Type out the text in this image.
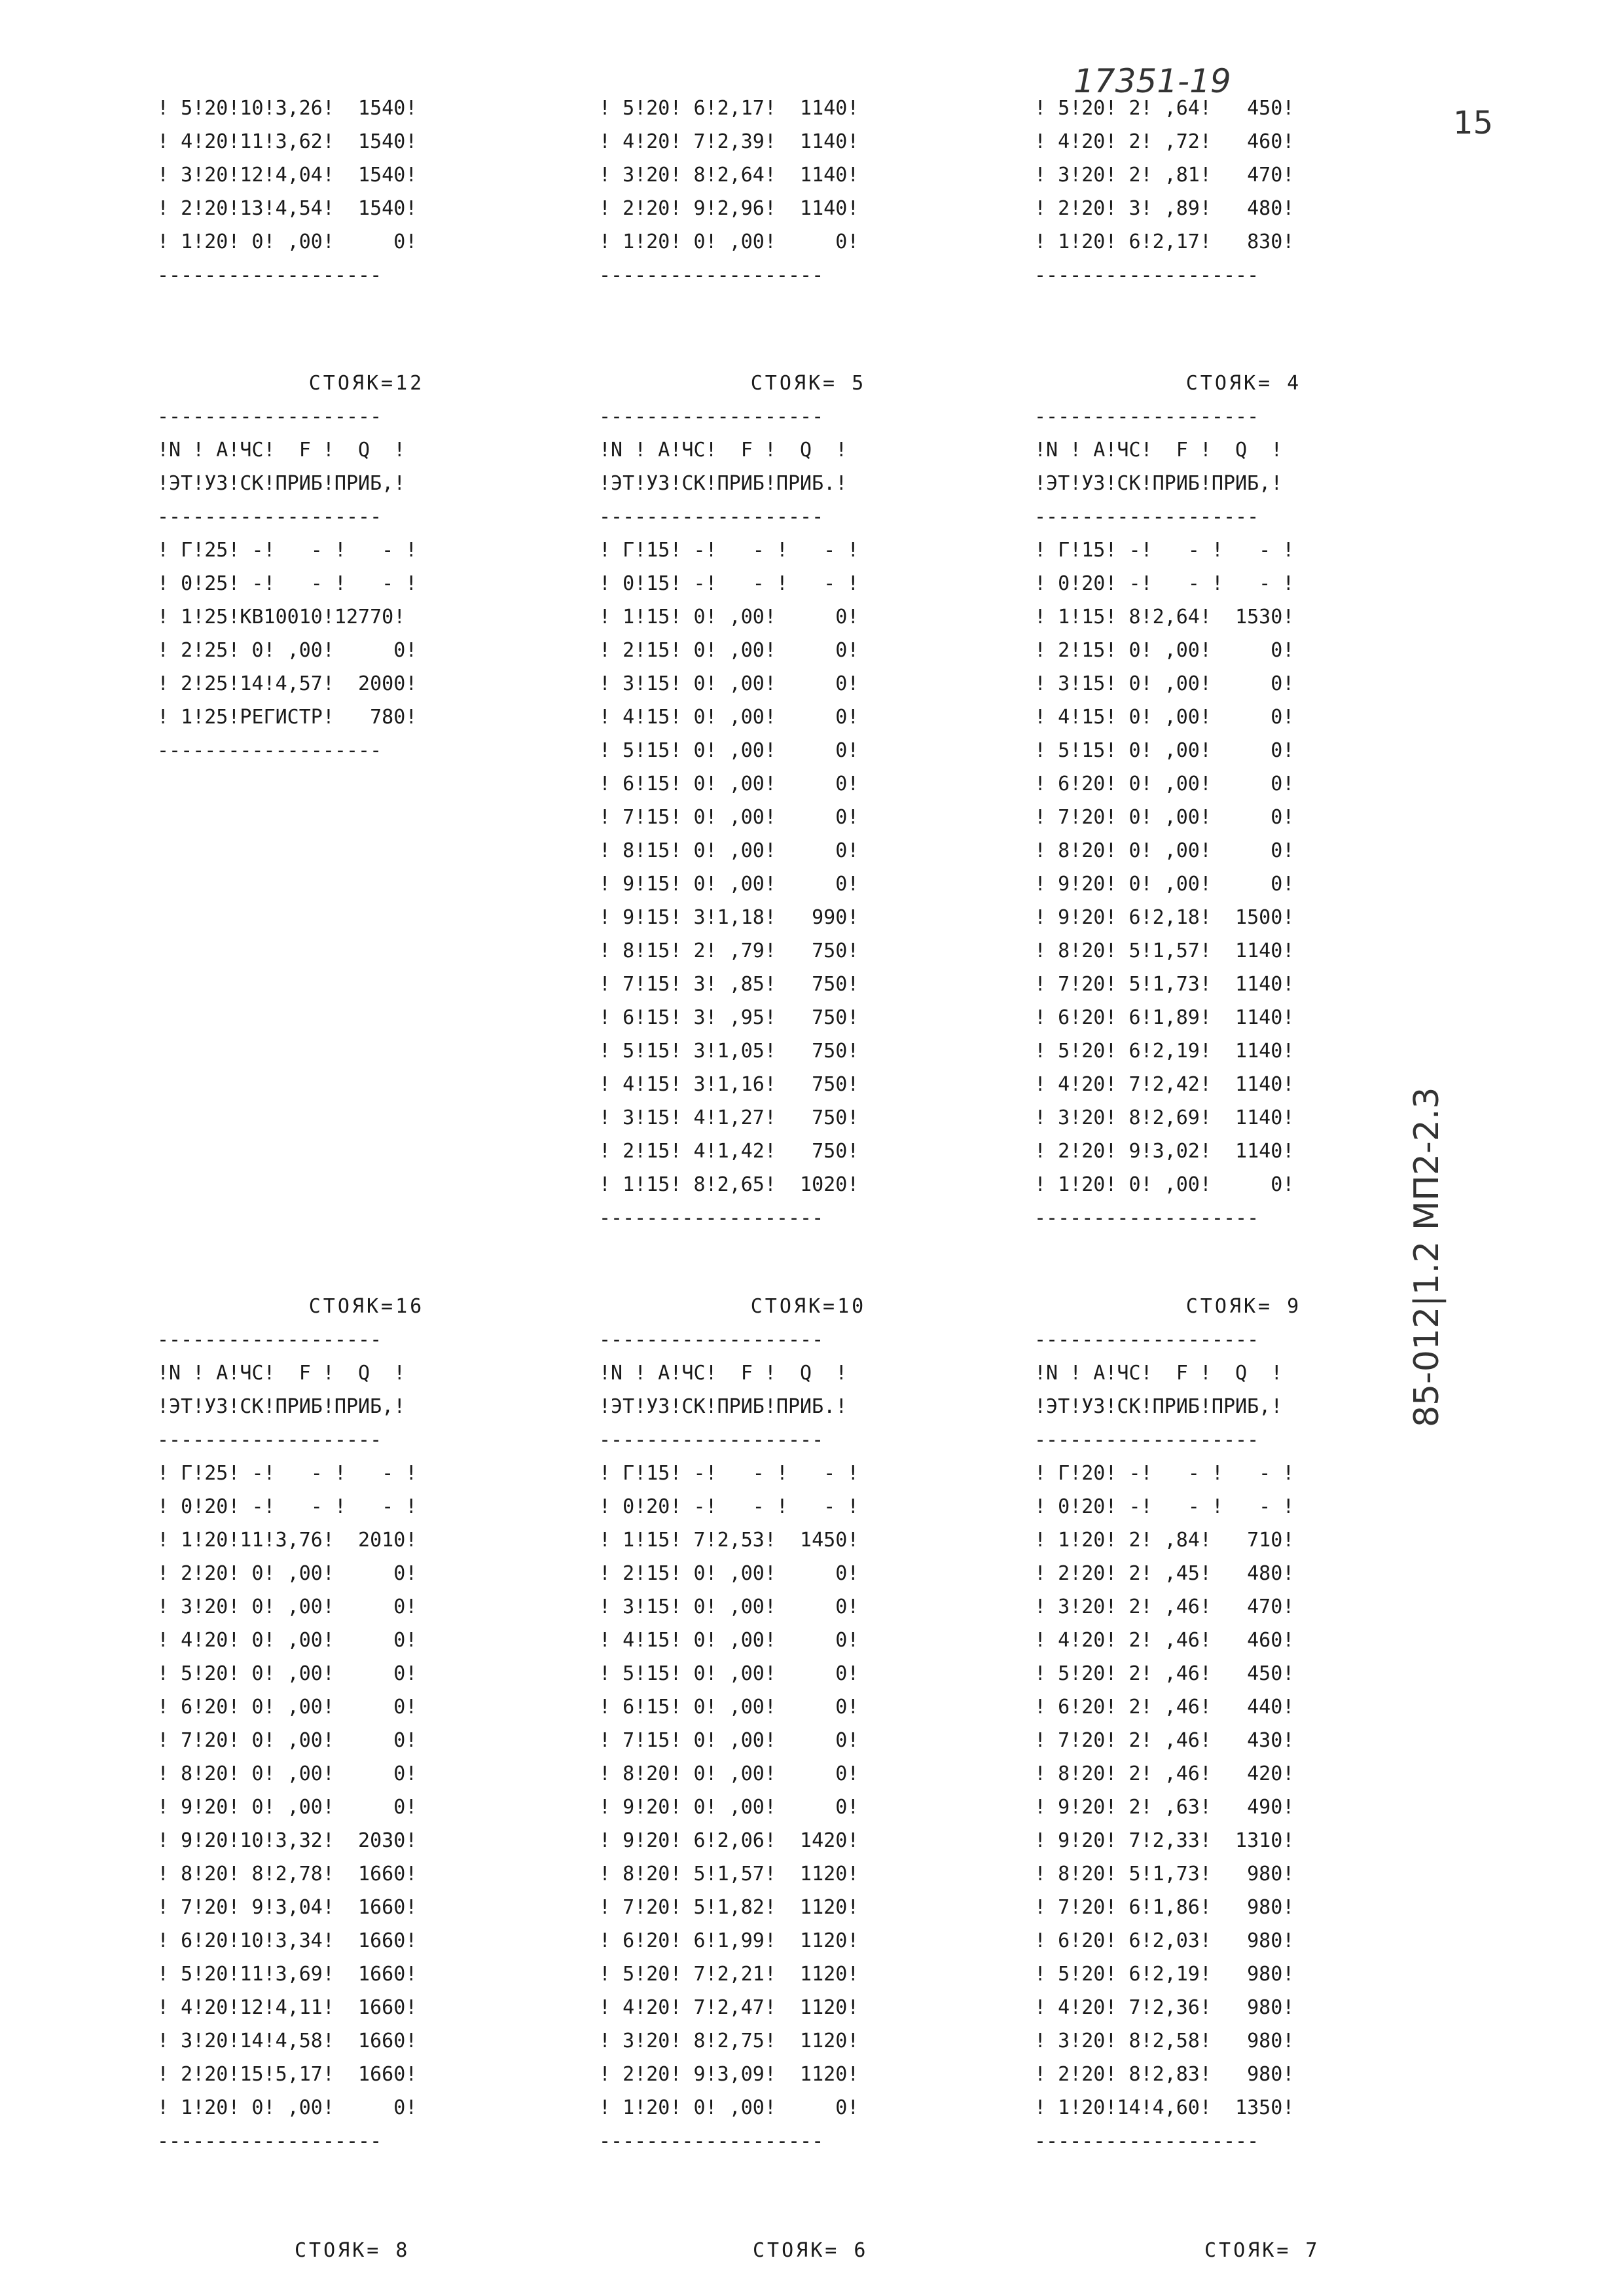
17351-19
15
85-012|1.2 МП2-2.3
! 5!20!10!3,26!  1540!
! 4!20!11!3,62!  1540!
! 3!20!12!4,04!  1540!
! 2!20!13!4,54!  1540!
! 1!20! 0! ,00!     0!
-------------------
! 5!20! 6!2,17!  1140!
! 4!20! 7!2,39!  1140!
! 3!20! 8!2,64!  1140!
! 2!20! 9!2,96!  1140!
! 1!20! 0! ,00!     0!
-------------------
! 5!20! 2! ,64!   450!
! 4!20! 2! ,72!   460!
! 3!20! 2! ,81!   470!
! 2!20! 3! ,89!   480!
! 1!20! 6!2,17!   830!
-------------------
СТОЯК=12
-------------------
!N ! А!ЧС!  F !  Q  !
!ЭТ!УЗ!СК!ПРИБ!ПРИБ,!
-------------------
! Г!25! -!   - !   - !
! 0!25! -!   - !   - !
! 1!25!КВ10010!12770!
! 2!25! 0! ,00!     0!
! 2!25!14!4,57!  2000!
! 1!25!РЕГИСТР!   780!
-------------------
СТОЯК= 5
-------------------
!N ! А!ЧС!  F !  Q  !
!ЭТ!УЗ!СК!ПРИБ!ПРИБ.!
-------------------
! Г!15! -!   - !   - !
! 0!15! -!   - !   - !
! 1!15! 0! ,00!     0!
! 2!15! 0! ,00!     0!
! 3!15! 0! ,00!     0!
! 4!15! 0! ,00!     0!
! 5!15! 0! ,00!     0!
! 6!15! 0! ,00!     0!
! 7!15! 0! ,00!     0!
! 8!15! 0! ,00!     0!
! 9!15! 0! ,00!     0!
! 9!15! 3!1,18!   990!
! 8!15! 2! ,79!   750!
! 7!15! 3! ,85!   750!
! 6!15! 3! ,95!   750!
! 5!15! 3!1,05!   750!
! 4!15! 3!1,16!   750!
! 3!15! 4!1,27!   750!
! 2!15! 4!1,42!   750!
! 1!15! 8!2,65!  1020!
-------------------
СТОЯК= 4
-------------------
!N ! А!ЧС!  F !  Q  !
!ЭТ!УЗ!СК!ПРИБ!ПРИБ,!
-------------------
! Г!15! -!   - !   - !
! 0!20! -!   - !   - !
! 1!15! 8!2,64!  1530!
! 2!15! 0! ,00!     0!
! 3!15! 0! ,00!     0!
! 4!15! 0! ,00!     0!
! 5!15! 0! ,00!     0!
! 6!20! 0! ,00!     0!
! 7!20! 0! ,00!     0!
! 8!20! 0! ,00!     0!
! 9!20! 0! ,00!     0!
! 9!20! 6!2,18!  1500!
! 8!20! 5!1,57!  1140!
! 7!20! 5!1,73!  1140!
! 6!20! 6!1,89!  1140!
! 5!20! 6!2,19!  1140!
! 4!20! 7!2,42!  1140!
! 3!20! 8!2,69!  1140!
! 2!20! 9!3,02!  1140!
! 1!20! 0! ,00!     0!
-------------------
СТОЯК=16
-------------------
!N ! А!ЧС!  F !  Q  !
!ЭТ!УЗ!СК!ПРИБ!ПРИБ,!
-------------------
! Г!25! -!   - !   - !
! 0!20! -!   - !   - !
! 1!20!11!3,76!  2010!
! 2!20! 0! ,00!     0!
! 3!20! 0! ,00!     0!
! 4!20! 0! ,00!     0!
! 5!20! 0! ,00!     0!
! 6!20! 0! ,00!     0!
! 7!20! 0! ,00!     0!
! 8!20! 0! ,00!     0!
! 9!20! 0! ,00!     0!
! 9!20!10!3,32!  2030!
! 8!20! 8!2,78!  1660!
! 7!20! 9!3,04!  1660!
! 6!20!10!3,34!  1660!
! 5!20!11!3,69!  1660!
! 4!20!12!4,11!  1660!
! 3!20!14!4,58!  1660!
! 2!20!15!5,17!  1660!
! 1!20! 0! ,00!     0!
-------------------
СТОЯК=10
-------------------
!N ! А!ЧС!  F !  Q  !
!ЭТ!УЗ!СК!ПРИБ!ПРИБ.!
-------------------
! Г!15! -!   - !   - !
! 0!20! -!   - !   - !
! 1!15! 7!2,53!  1450!
! 2!15! 0! ,00!     0!
! 3!15! 0! ,00!     0!
! 4!15! 0! ,00!     0!
! 5!15! 0! ,00!     0!
! 6!15! 0! ,00!     0!
! 7!15! 0! ,00!     0!
! 8!20! 0! ,00!     0!
! 9!20! 0! ,00!     0!
! 9!20! 6!2,06!  1420!
! 8!20! 5!1,57!  1120!
! 7!20! 5!1,82!  1120!
! 6!20! 6!1,99!  1120!
! 5!20! 7!2,21!  1120!
! 4!20! 7!2,47!  1120!
! 3!20! 8!2,75!  1120!
! 2!20! 9!3,09!  1120!
! 1!20! 0! ,00!     0!
-------------------
СТОЯК= 9
-------------------
!N ! А!ЧС!  F !  Q  !
!ЭТ!УЗ!СК!ПРИБ!ПРИБ,!
-------------------
! Г!20! -!   - !   - !
! 0!20! -!   - !   - !
! 1!20! 2! ,84!   710!
! 2!20! 2! ,45!   480!
! 3!20! 2! ,46!   470!
! 4!20! 2! ,46!   460!
! 5!20! 2! ,46!   450!
! 6!20! 2! ,46!   440!
! 7!20! 2! ,46!   430!
! 8!20! 2! ,46!   420!
! 9!20! 2! ,63!   490!
! 9!20! 7!2,33!  1310!
! 8!20! 5!1,73!   980!
! 7!20! 6!1,86!   980!
! 6!20! 6!2,03!   980!
! 5!20! 6!2,19!   980!
! 4!20! 7!2,36!   980!
! 3!20! 8!2,58!   980!
! 2!20! 8!2,83!   980!
! 1!20!14!4,60!  1350!
-------------------
СТОЯК= 8	СТОЯК= 6	СТОЯК= 7
